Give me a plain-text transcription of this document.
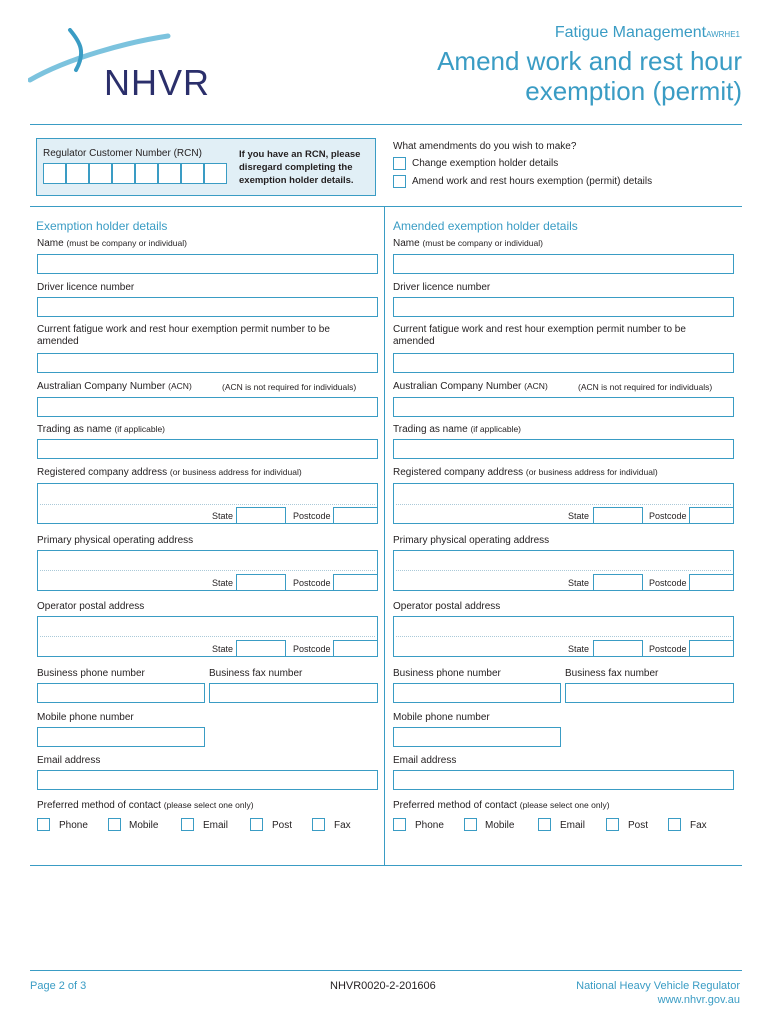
NHVR
Fatigue ManagementAWRHE1
Amend work and rest hour
exemption (permit)
Regulator Customer Number (RCN)	If you have an RCN, please disregard completing the exemption holder details.
What amendments do you wish to make?
Change exemption holder details
Amend work and rest hours exemption (permit) details
Exemption holder details
Name (must be company or individual)
Driver licence number
Current fatigue work and rest hour exemption permit number to be amended
Australian Company Number (ACN)	(ACN is not required for individuals)
Trading as name (if applicable)
Registered company address (or business address for individual)
State	Postcode
Primary physical operating address
State	Postcode
Operator postal address
State	Postcode
Business phone number	Business fax number
Mobile phone number
Email address
Preferred method of contact (please select one only)
Phone	Mobile	Email	Post	Fax
Amended exemption holder details
Name (must be company or individual)
Driver licence number
Current fatigue work and rest hour exemption permit number to be amended
Australian Company Number (ACN)	(ACN is not required for individuals)
Trading as name (if applicable)
Registered company address (or business address for individual)
State	Postcode
Primary physical operating address
State	Postcode
Operator postal address
State	Postcode
Business phone number	Business fax number
Mobile phone number
Email address
Preferred method of contact (please select one only)
Phone	Mobile	Email	Post	Fax
Page 2 of 3	NHVR0020-2-201606	National Heavy Vehicle Regulator
www.nhvr.gov.au
